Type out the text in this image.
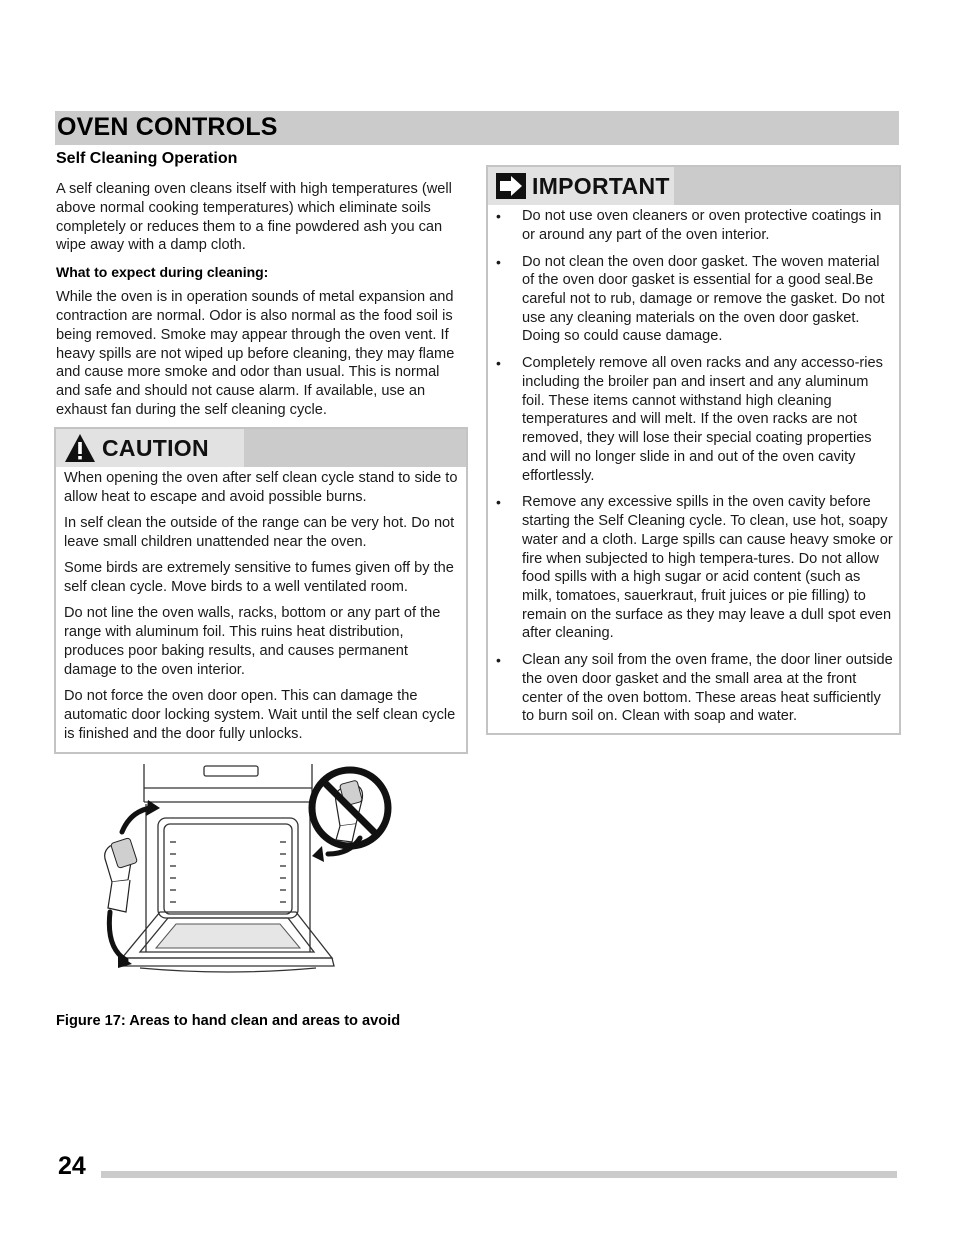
OVEN CONTROLS
Self Cleaning Operation

A self cleaning oven cleans itself with high temperatures (well above normal cooking temperatures) which eliminate soils completely or reduces them to a fine powdered ash you can wipe away with a damp cloth.

What to expect during cleaning:

While the oven is in operation sounds of metal expansion and contraction are normal. Odor is also normal as the food soil is being removed. Smoke may appear through the oven vent. If heavy spills are not wiped up before cleaning, they may flame and cause more smoke and odor than usual. This is normal and safe and should not cause alarm. If available, use an exhaust fan during the self cleaning cycle.

CAUTION

When opening the oven after self clean cycle stand to side to allow heat to escape and avoid possible burns.

In self clean the outside of the range can be very hot. Do not leave small children unattended near the oven.

Some birds are extremely sensitive to fumes given off by the self clean cycle. Move birds to a well ventilated room.

Do not line the oven walls, racks, bottom or any part of the range with aluminum foil. This ruins heat distribution, produces poor baking results, and causes permanent damage to the oven interior.

Do not force the oven door open. This can damage the automatic door locking system. Wait until the self clean cycle is finished and the door fully unlocks.

IMPORTANT
• Do not use oven cleaners or oven protective coatings in or around any part of the oven interior.
• Do not clean the oven door gasket. The woven material of the oven door gasket is essential for a good seal.Be careful not to rub, damage or remove the gasket. Do not use any cleaning materials on the oven door gasket. Doing so could cause damage.
• Completely remove all oven racks and any accesso-ries including the broiler pan and insert and any aluminum foil. These items cannot withstand high cleaning temperatures and will melt. If the oven racks are not removed, they will lose their special coating properties and will no longer slide in and out of the oven cavity effortlessly.
• Remove any excessive spills in the oven cavity before starting the Self Cleaning cycle. To clean, use hot, soapy water and a cloth. Large spills can cause heavy smoke or fire when subjected to high tempera-tures. Do not allow food spills with a high sugar or acid content (such as milk, tomatoes, sauerkraut, fruit juices or pie filling) to remain on the surface as they may leave a dull spot even after cleaning.
• Clean any soil from the oven frame, the door liner outside the oven door gasket and the small area at the front center of the oven bottom. These areas heat sufficiently to burn soil on. Clean with soap and water.

Figure 17: Areas to hand clean and areas to avoid

24
